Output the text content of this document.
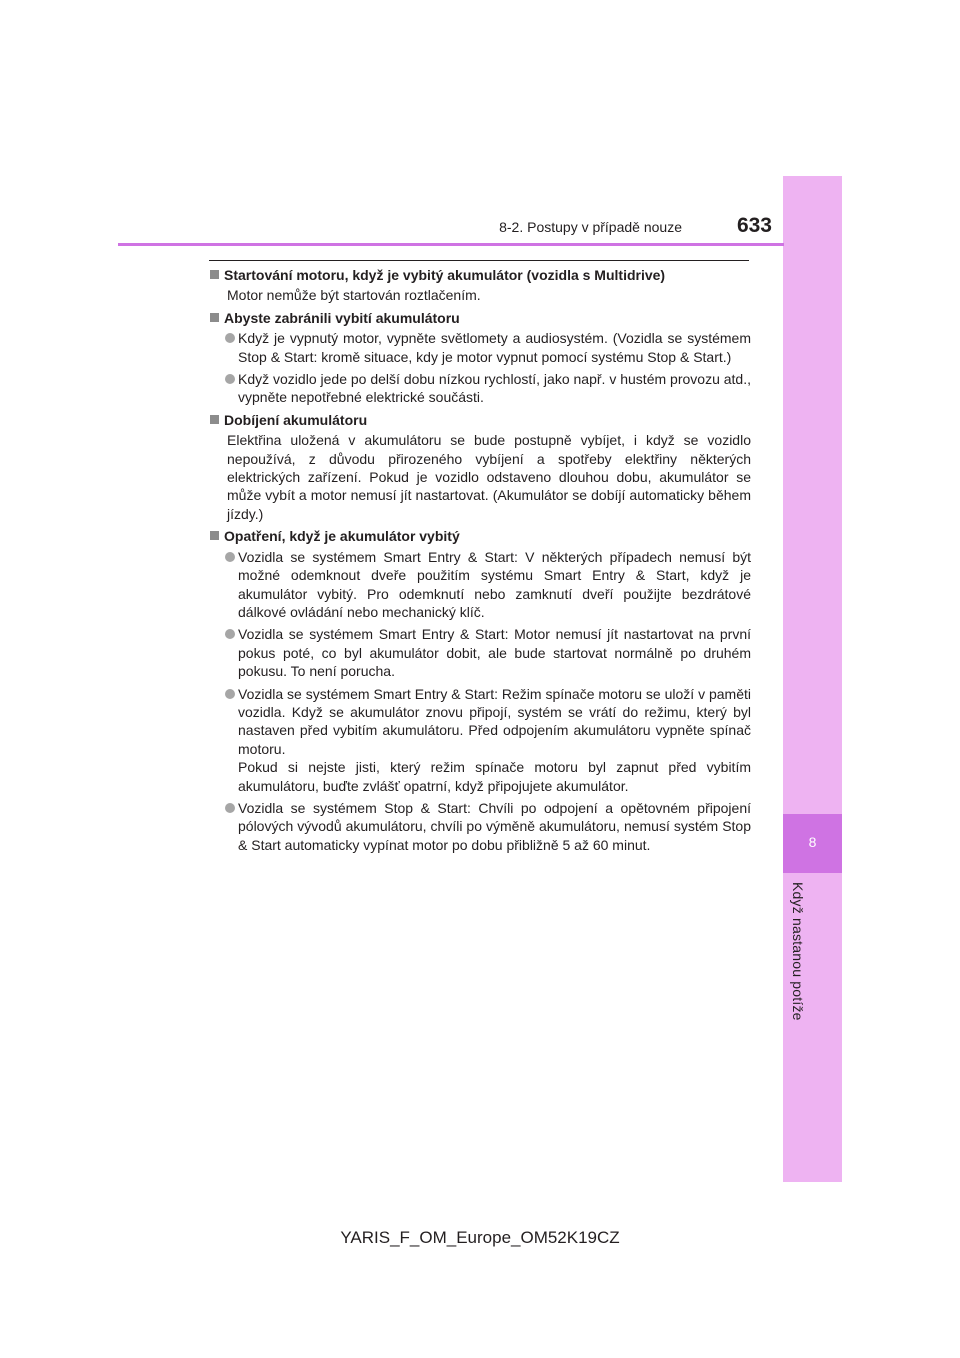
8
Když nastanou potíže
8-2. Postupy v případě nouze	633
Startování motoru, když je vybitý akumulátor (vozidla s Multidrive)
Motor nemůže být startován roztlačením.
Abyste zabránili vybití akumulátoru
Když je vypnutý motor, vypněte světlomety a audiosystém. (Vozidla se systémem Stop & Start: kromě situace, kdy je motor vypnut pomocí systému Stop & Start.)
Když vozidlo jede po delší dobu nízkou rychlostí, jako např. v hustém provozu atd., vypněte nepotřebné elektrické součásti.
Dobíjení akumulátoru
Elektřina uložená v akumulátoru se bude postupně vybíjet, i když se vozidlo nepoužívá, z důvodu přirozeného vybíjení a spotřeby elektřiny některých elektrických zařízení. Pokud je vozidlo odstaveno dlouhou dobu, akumulátor se může vybít a motor nemusí jít nastartovat. (Akumulátor se dobíjí automaticky během jízdy.)
Opatření, když je akumulátor vybitý
Vozidla se systémem Smart Entry & Start: V některých případech nemusí být možné odemknout dveře použitím systému Smart Entry & Start, když je akumulátor vybitý. Pro odemknutí nebo zamknutí dveří použijte bezdrátové dálkové ovládání nebo mechanický klíč.
Vozidla se systémem Smart Entry & Start: Motor nemusí jít nastartovat na první pokus poté, co byl akumulátor dobit, ale bude startovat normálně po druhém pokusu. To není porucha.
Vozidla se systémem Smart Entry & Start: Režim spínače motoru se uloží v paměti vozidla. Když se akumulátor znovu připojí, systém se vrátí do režimu, který byl nastaven před vybitím akumulátoru. Před odpojením akumulátoru vypněte spínač motoru.
Pokud si nejste jisti, který režim spínače motoru byl zapnut před vybitím akumulátoru, buďte zvlášť opatrní, když připojujete akumulátor.
Vozidla se systémem Stop & Start: Chvíli po odpojení a opětovném připojení pólových vývodů akumulátoru, chvíli po výměně akumulátoru, nemusí systém Stop & Start automaticky vypínat motor po dobu přibližně 5 až 60 minut.
YARIS_F_OM_Europe_OM52K19CZ
